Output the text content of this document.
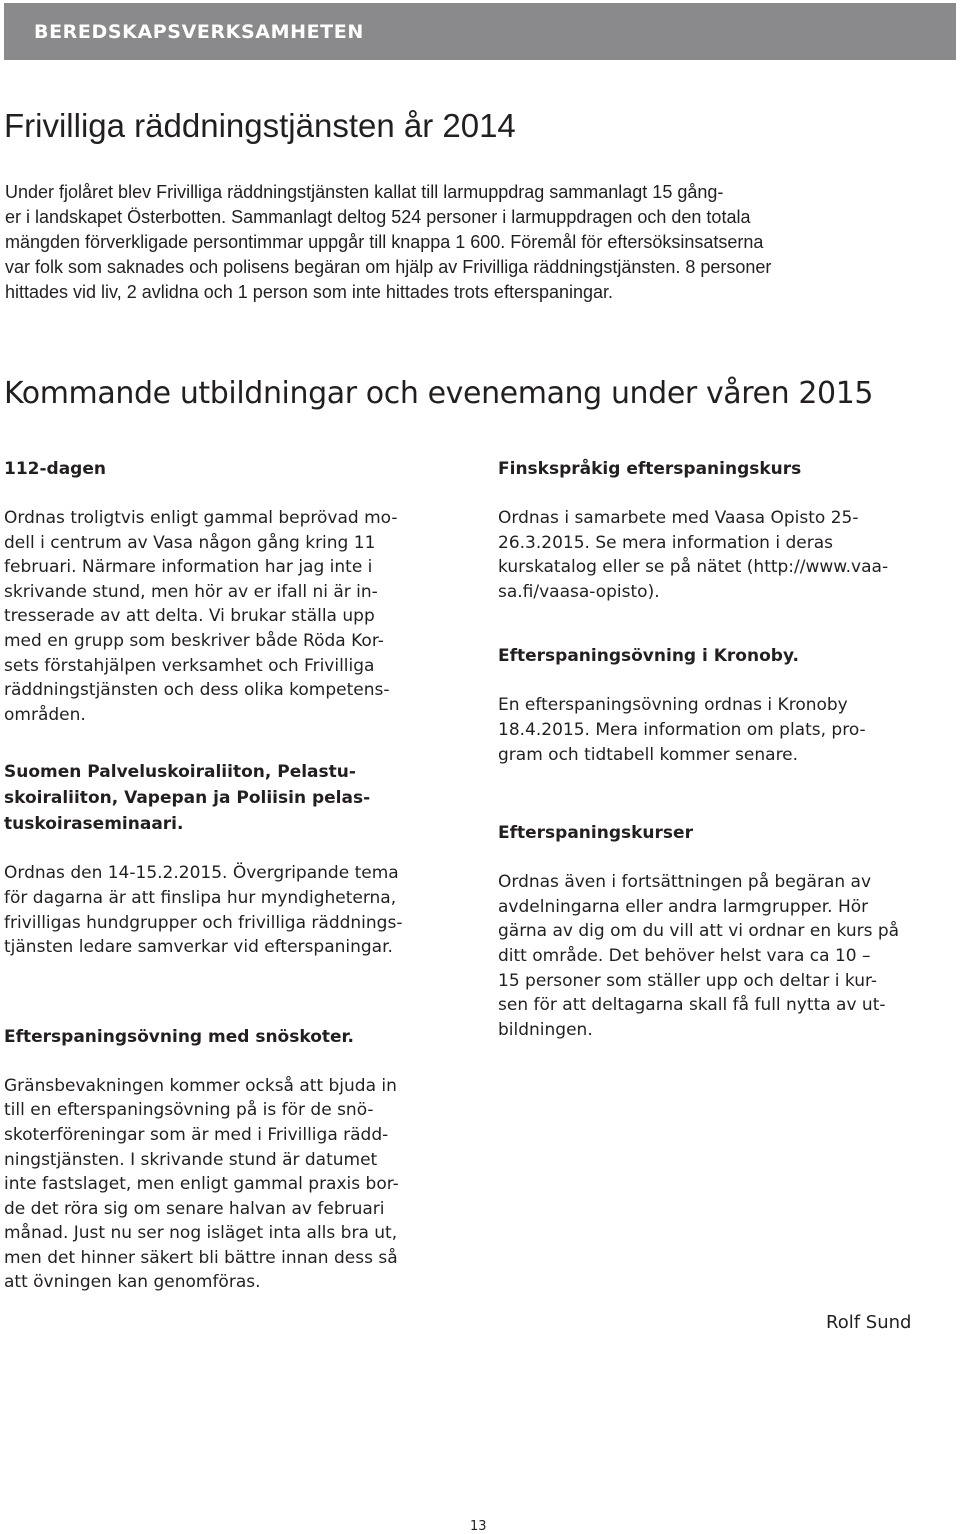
BEREDSKAPSVERKSAMHETEN
Frivilliga räddningstjänsten år 2014
Under fjolåret blev Frivilliga räddningstjänsten kallat till larmuppdrag sammanlagt 15 gång-
er i landskapet Österbotten. Sammanlagt deltog 524 personer i larmuppdragen och den totala
mängden förverkligade persontimmar uppgår till knappa 1 600. Föremål för eftersöksinsatserna
var folk som saknades och polisens begäran om hjälp av Frivilliga räddningstjänsten. 8 personer
hittades vid liv, 2 avlidna och 1 person som inte hittades trots efterspaningar.
Kommande utbildningar och evenemang under våren 2015
112-dagen
Ordnas troligtvis enligt gammal beprövad mo-
dell i centrum av Vasa någon gång kring 11
februari. Närmare information har jag inte i
skrivande stund, men hör av er ifall ni är in-
tresserade av att delta. Vi brukar ställa upp
med en grupp som beskriver både Röda Kor-
sets förstahjälpen verksamhet och Frivilliga
räddningstjänsten och dess olika kompetens-
områden.
Suomen Palveluskoiraliiton, Pelastu-
skoiraliiton, Vapepan ja Poliisin pelas-
tuskoiraseminaari.
Ordnas den 14-15.2.2015. Övergripande tema
för dagarna är att finslipa hur myndigheterna,
frivilligas hundgrupper och frivilliga räddnings-
tjänsten ledare samverkar vid efterspaningar.
Efterspaningsövning med snöskoter.
Gränsbevakningen kommer också att bjuda in
till en efterspaningsövning på is för de snö-
skoterföreningar som är med i Frivilliga rädd-
ningstjänsten. I skrivande stund är datumet
inte fastslaget, men enligt gammal praxis bor-
de det röra sig om senare halvan av februari
månad. Just nu ser nog isläget inta alls bra ut,
men det hinner säkert bli bättre innan dess så
att övningen kan genomföras.
Finskspråkig efterspaningskurs
Ordnas i samarbete med Vaasa Opisto 25-
26.3.2015. Se mera information i deras
kurskatalog eller se på nätet (http://www.vaa-
sa.fi/vaasa-opisto).
Efterspaningsövning i Kronoby.
En efterspaningsövning ordnas i Kronoby
18.4.2015. Mera information om plats, pro-
gram och tidtabell kommer senare.
Efterspaningskurser
Ordnas även i fortsättningen på begäran av
avdelningarna eller andra larmgrupper. Hör
gärna av dig om du vill att vi ordnar en kurs på
ditt område. Det behöver helst vara ca 10 –
15 personer som ställer upp och deltar i kur-
sen för att deltagarna skall få full nytta av ut-
bildningen.
Rolf Sund
13
